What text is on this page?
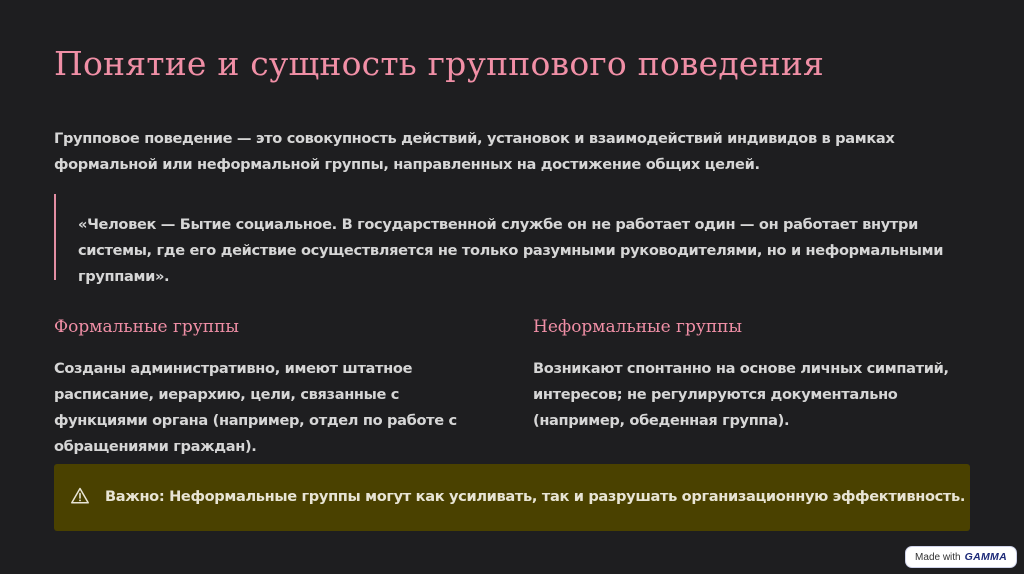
Понятие и сущность группового поведения

Групповое поведение — это совокупность действий, установок и взаимодействий индивидов в рамках формальной или неформальной группы, направленных на достижение общих целей.

«Человек — Бытие социальное. В государственной службе он не работает один — он работает внутри системы, где его действие осуществляется не только разумными руководителями, но и неформальными группами».

Формальные группы

Созданы административно, имеют штатное расписание, иерархию, цели, связанные с функциями органа (например, отдел по работе с обращениями граждан).

Неформальные группы

Возникают спонтанно на основе личных симпатий, интересов; не регулируются документально (например, обеденная группа).

Важно: Неформальные группы могут как усиливать, так и разрушать организационную эффективность.

Made with GAMMA
